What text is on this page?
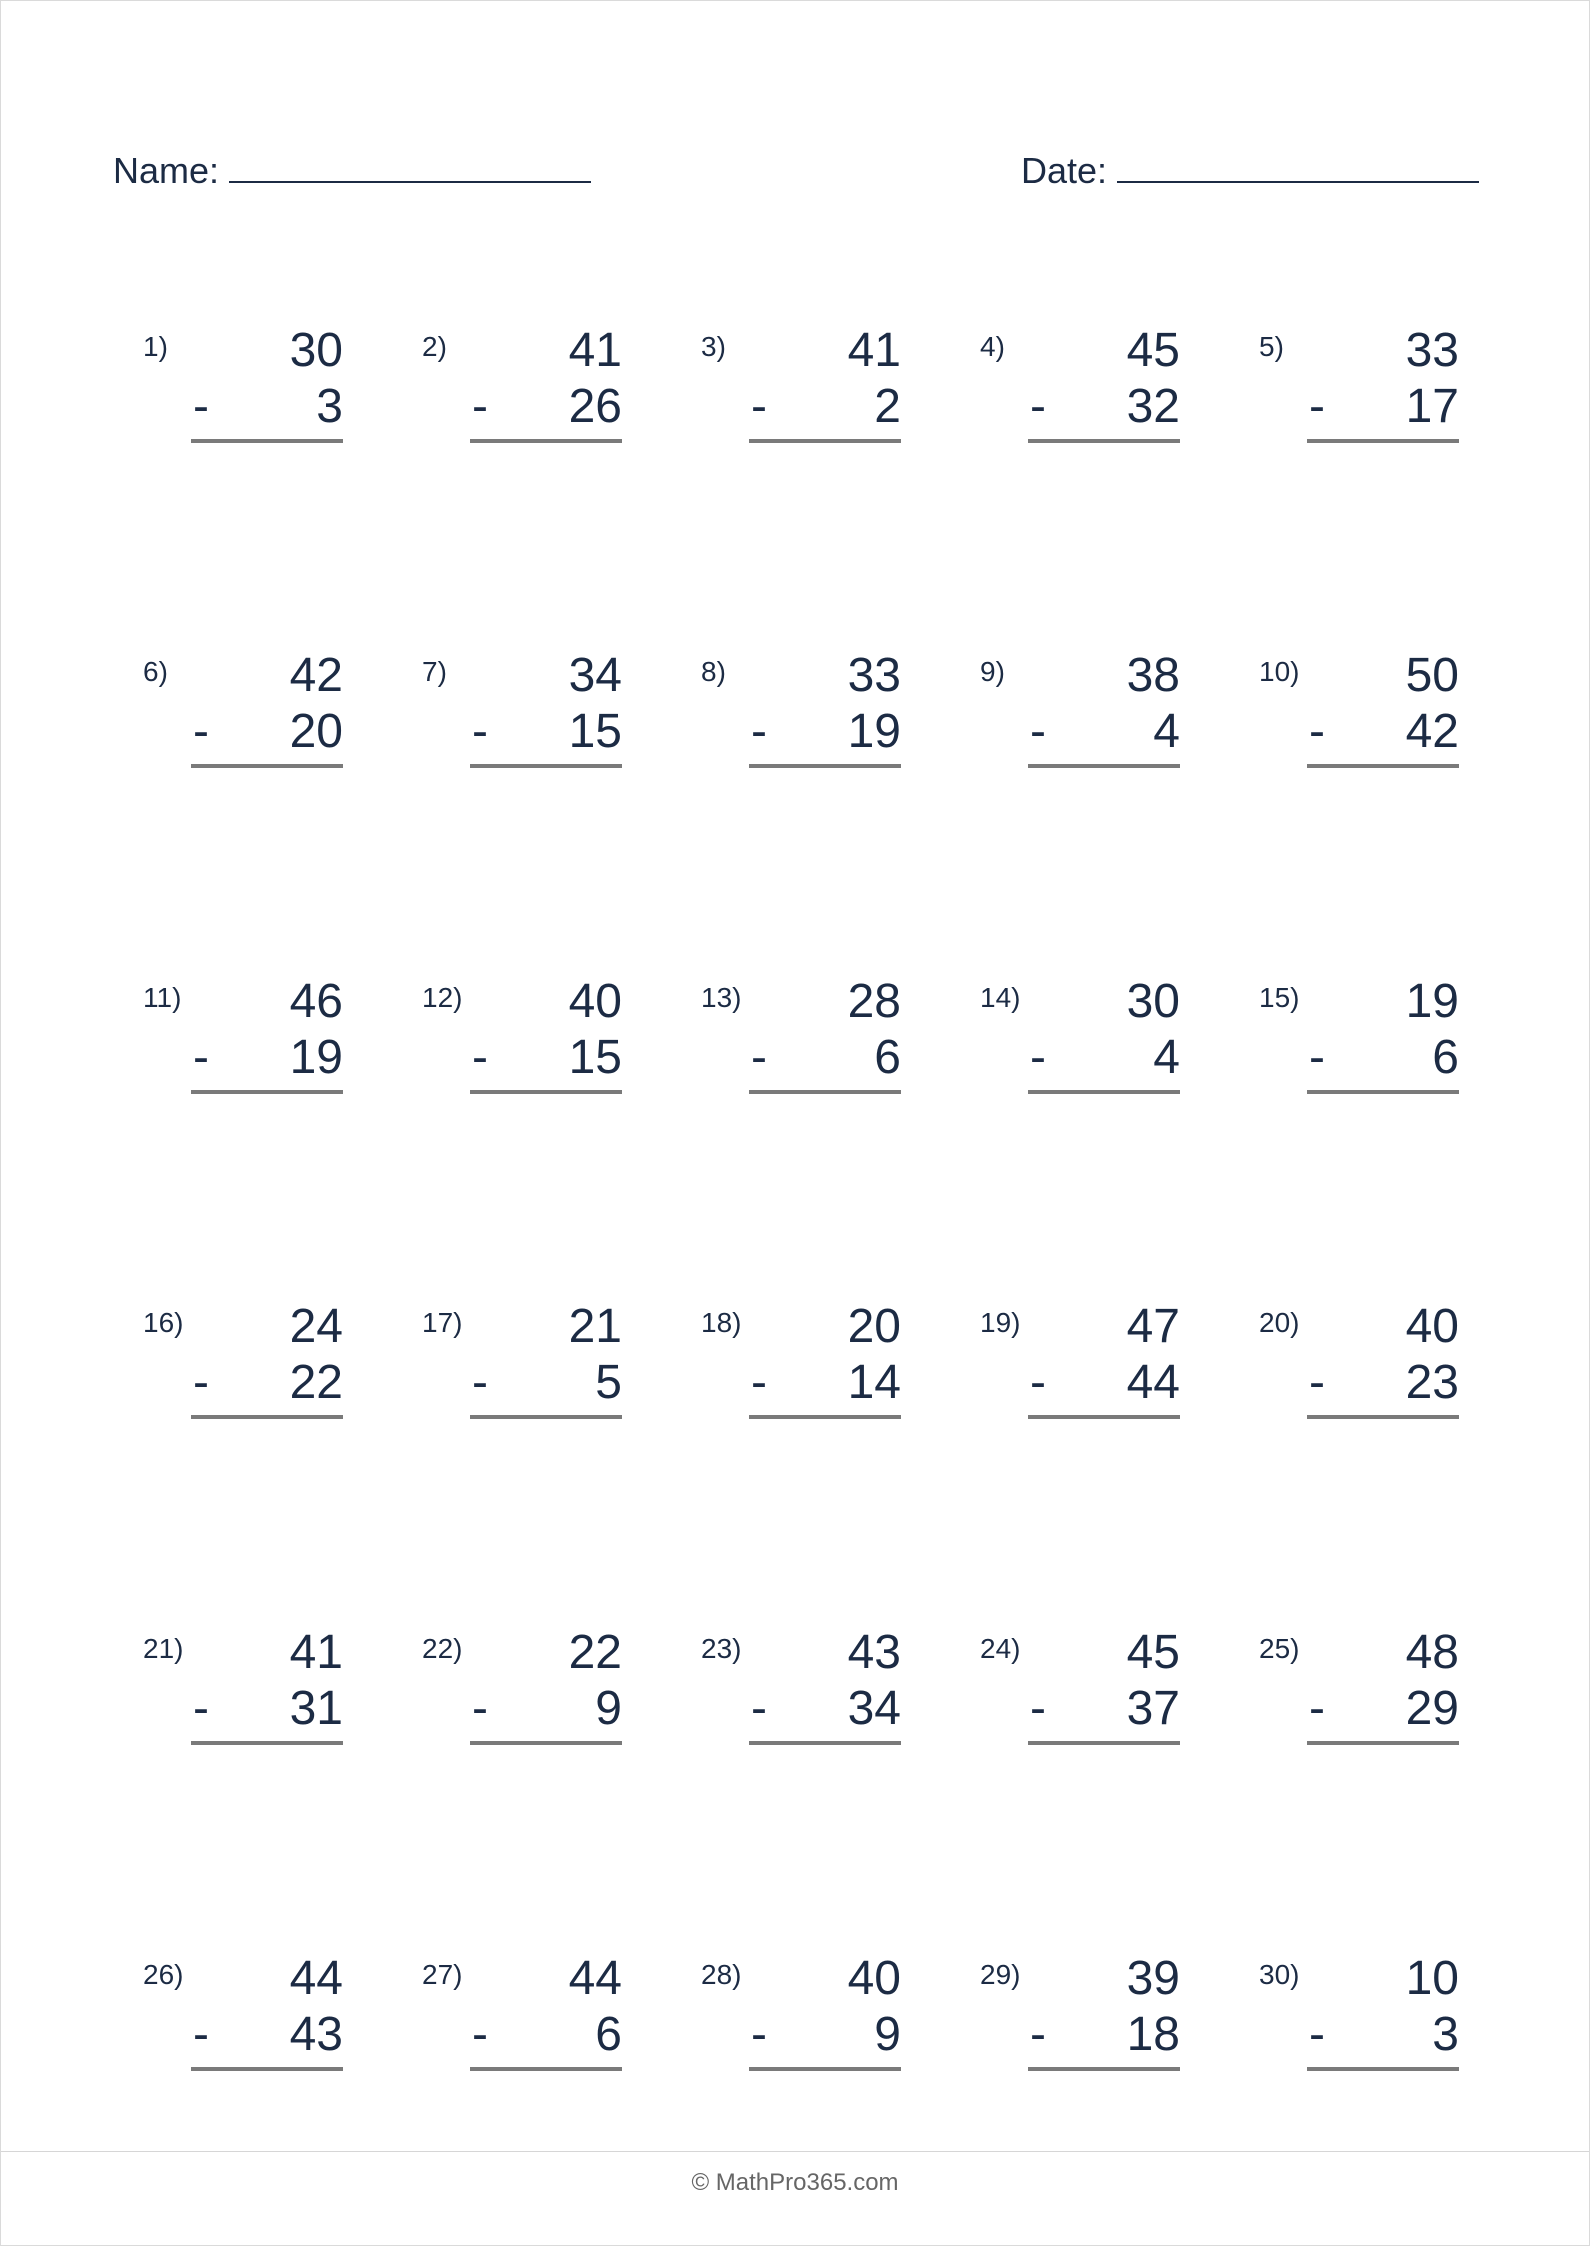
Name:	Date:
1)	30
-	3
2)	41
-	26
3)	41
-	2
4)	45
-	32
5)	33
-	17
6)	42
-	20
7)	34
-	15
8)	33
-	19
9)	38
-	4
10)	50
-	42
11)	46
-	19
12)	40
-	15
13)	28
-	6
14)	30
-	4
15)	19
-	6
16)	24
-	22
17)	21
-	5
18)	20
-	14
19)	47
-	44
20)	40
-	23
21)	41
-	31
22)	22
-	9
23)	43
-	34
24)	45
-	37
25)	48
-	29
26)	44
-	43
27)	44
-	6
28)	40
-	9
29)	39
-	18
30)	10
-	3
© MathPro365.com
